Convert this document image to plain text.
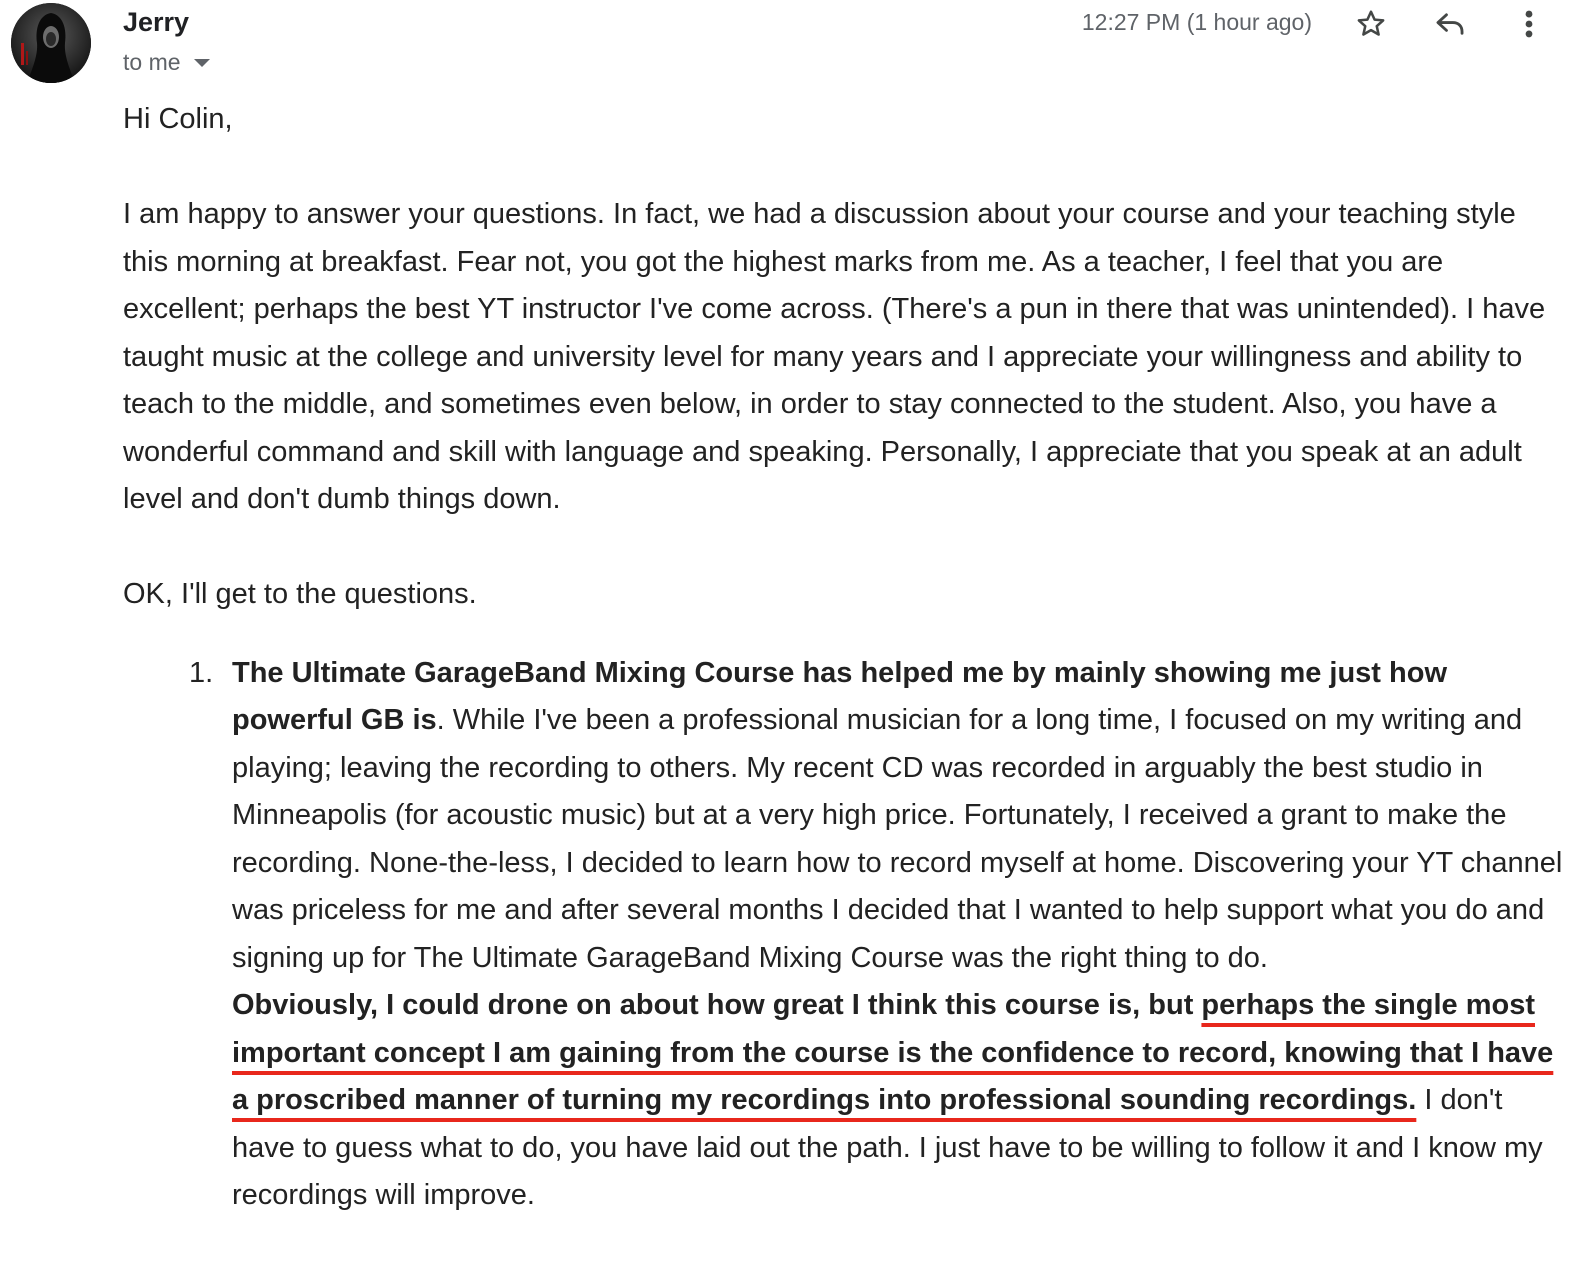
Jerry
to me
12:27 PM (1 hour ago)

Hi Colin,

I am happy to answer your questions. In fact, we had a discussion about your course and your teaching style this morning at breakfast. Fear not, you got the highest marks from me. As a teacher, I feel that you are excellent; perhaps the best YT instructor I've come across. (There's a pun in there that was unintended). I have taught music at the college and university level for many years and I appreciate your willingness and ability to teach to the middle, and sometimes even below, in order to stay connected to the student. Also, you have a wonderful command and skill with language and speaking. Personally, I appreciate that you speak at an adult level and don't dumb things down.

OK, I'll get to the questions.

1. The Ultimate GarageBand Mixing Course has helped me by mainly showing me just how powerful GB is. While I've been a professional musician for a long time, I focused on my writing and playing; leaving the recording to others. My recent CD was recorded in arguably the best studio in Minneapolis (for acoustic music) but at a very high price. Fortunately, I received a grant to make the recording. None-the-less, I decided to learn how to record myself at home. Discovering your YT channel was priceless for me and after several months I decided that I wanted to help support what you do and signing up for The Ultimate GarageBand Mixing Course was the right thing to do.
Obviously, I could drone on about how great I think this course is, but perhaps the single most important concept I am gaining from the course is the confidence to record, knowing that I have a proscribed manner of turning my recordings into professional sounding recordings. I don't have to guess what to do, you have laid out the path. I just have to be willing to follow it and I know my recordings will improve.
